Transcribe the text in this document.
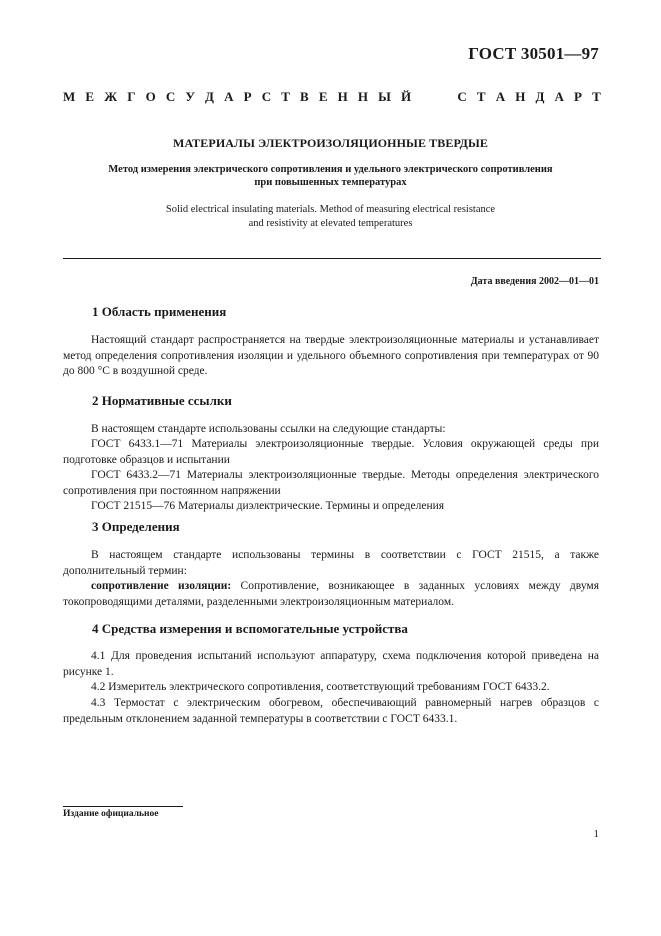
ГОСТ 30501—97
М Е Ж Г О С У Д А Р С Т В Е Н Н Ы Й	С Т А Н Д А Р Т
МАТЕРИАЛЫ ЭЛЕКТРОИЗОЛЯЦИОННЫЕ ТВЕРДЫЕ
Метод измерения электрического сопротивления и удельного электрического сопротивления
при повышенных температурах
Solid electrical insulating materials. Method of measuring electrical resistance
and resistivity at elevated temperatures
Дата введения 2002—01—01
1 Область применения

Настоящий стандарт распространяется на твердые электроизоляционные материалы и устанавливает метод определения сопротивления изоляции и удельного объемного сопротивления при температурах от 90 до 800 °С в воздушной среде.

2 Нормативные ссылки

В настоящем стандарте использованы ссылки на следующие стандарты:

ГОСТ 6433.1—71 Материалы электроизоляционные твердые. Условия окружающей среды при подготовке образцов и испытании

ГОСТ 6433.2—71 Материалы электроизоляционные твердые. Методы определения электрического сопротивления при постоянном напряжении

ГОСТ 21515—76 Материалы диэлектрические. Термины и определения

3 Определения

В настоящем стандарте использованы термины в соответствии с ГОСТ 21515, а также дополнительный термин:

сопротивление изоляции: Сопротивление, возникающее в заданных условиях между двумя токопроводящими деталями, разделенными электроизоляционным материалом.

4 Средства измерения и вспомогательные устройства

4.1 Для проведения испытаний используют аппаратуру, схема подключения которой приведена на рисунке 1.

4.2 Измеритель электрического сопротивления, соответствующий требованиям ГОСТ 6433.2.

4.3 Термостат с электрическим обогревом, обеспечивающий равномерный нагрев образцов с предельным отклонением заданной температуры в соответствии с ГОСТ 6433.1.

Издание официальное
1
